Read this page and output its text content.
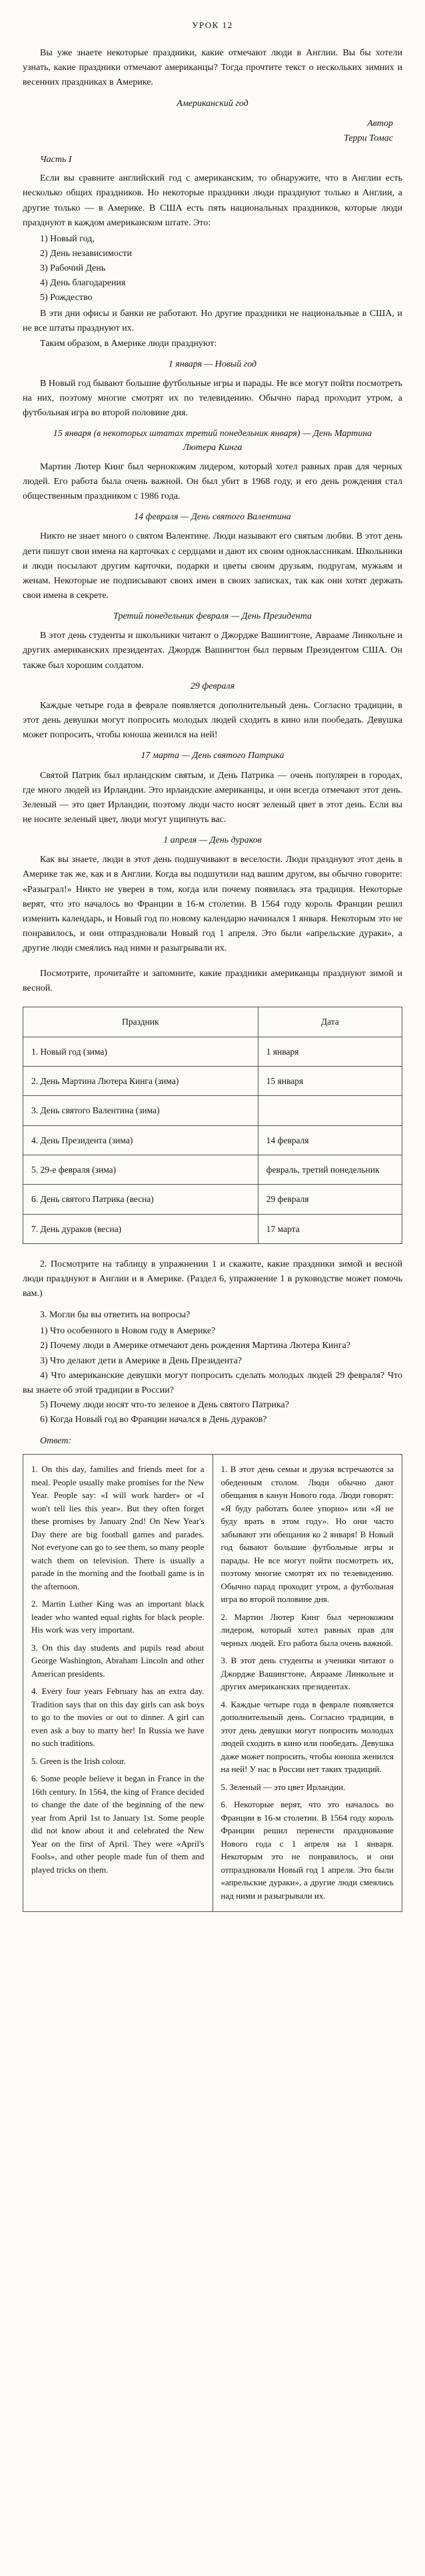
УРОК 12

Вы уже знаете некоторые праздники, какие отмечают люди в Англии. Вы бы хотели узнать, какие праздники отмечают американцы? Тогда прочтите текст о нескольких зимних и весенних праздниках в Америке.

Американский год
Автор
Терри Томас
Часть I

Если вы сравните английский год с американским, то обнаружите, что в Англии есть несколько общих праздников. Но некоторые праздники люди празднуют только в Англии, а другие только — в Америке. В США есть пять национальных праздников, которые люди празднуют в каждом американском штате. Это:

1) Новый год,
2) День независимости
3) Рабочий День
4) День благодарения
5) Рождество

В эти дни офисы и банки не работают. Но другие праздники не национальные в США, и не все штаты празднуют их.

Таким образом, в Америке люди празднуют:

1 января — Новый год

В Новый год бывают большие футбольные игры и парады. Не все могут пойти посмотреть на них, поэтому многие смотрят их по телевидению. Обычно парад проходит утром, а футбольная игра во второй половине дня.

15 января (в некоторых штатах третий понедельник января) — День Мартина Лютера Кинга

Мартин Лютер Кинг был чернокожим лидером, который хотел равных прав для черных людей. Его работа была очень важной. Он был убит в 1968 году, и его день рождения стал общественным праздником с 1986 года.

14 февраля — День святого Валентина

Никто не знает много о святом Валентине. Люди называют его святым любви. В этот день дети пишут свои имена на карточках с сердцами и дают их своим одноклассникам. Школьники и люди посылают другим карточки, подарки и цветы своим друзьям, подругам, мужьям и женам. Некоторые не подписывают своих имен в своих записках, так как они хотят держать свои имена в секрете.

Третий понедельник февраля — День Президента

В этот день студенты и школьники читают о Джордже Вашингтоне, Аврааме Линкольне и других американских президентах. Джордж Вашингтон был первым Президентом США. Он также был хорошим солдатом.

29 февраля

Каждые четыре года в феврале появляется дополнительный день. Согласно традиции, в этот день девушки могут попросить молодых людей сходить в кино или пообедать. Девушка может попросить, чтобы юноша женился на ней!

17 марта — День святого Патрика

Святой Патрик был ирландским святым, и День Патрика — очень популярен в городах, где много людей из Ирландии. Это ирландские американцы, и они всегда отмечают этот день. Зеленый — это цвет Ирландии, поэтому люди часто носят зеленый цвет в этот день. Если вы не носите зеленый цвет, люди могут ущипнуть вас.

1 апреля — День дураков

Как вы знаете, люди в этот день подшучивают в веселости. Люди празднуют этот день в Америке так же, как и в Англии. Когда вы подшутили над вашим другом, вы обычно говорите: «Разыграл!» Никто не уверен в том, когда или почему появилась эта традиция. Некоторые верят, что это началось во Франции в 16-м столетии. В 1564 году король Франции решил изменить календарь, и Новый год по новому календарю начинался 1 января. Некоторым это не понравилось, и они отпраздновали Новый год 1 апреля. Это были «апрельские дураки», а другие люди смеялись над ними и разыгрывали их.

Посмотрите, прочитайте и запомните, какие праздники американцы празднуют зимой и весной.

Праздник	Дата
1. Новый год (зима)	1 января
2. День Мартина Лютера Кинга (зима)	15 января
3. День святого Валентина (зима)	
4. День Президента (зима)	14 февраля
5. 29-е февраля (зима)	февраль, третий понедельник
6. День святого Патрика (весна)	29 февраля
7. День дураков (весна)	17 марта

2. Посмотрите на таблицу в упражнении 1 и скажите, какие праздники зимой и весной люди празднуют в Англии и в Америке. (Раздел 6, упражнение 1 в руководстве может помочь вам.)

3. Могли бы вы ответить на вопросы?

1) Что особенного в Новом году в Америке?

2) Почему люди в Америке отмечают день рождения Мартина Лютера Кинга?

3) Что делают дети в Америке в День Президента?

4) Что американские девушки могут попросить сделать молодых людей 29 февраля? Что вы знаете об этой традиции в России?

5) Почему люди носят что-то зеленое в День святого Патрика?

6) Когда Новый год во Франции начался в День дураков?

Ответ:

1. On this day, families and friends meet for a meal. People usually make promises for the New Year. People say: «I will work harder» or «I won't tell lies this year». But they often forget these promises by January 2nd! On New Year's Day there are big football games and parades. Not everyone can go to see them, so many people watch them on television. There is usually a parade in the morning and the football game is in the afternoon.

2. Martin Luther King was an important black leader who wanted equal rights for black people. His work was very important.

3. On this day students and pupils read about George Washington, Abraham Lincoln and other American presidents.

4. Every four years February has an extra day. Tradition says that on this day girls can ask boys to go to the movies or out to dinner. A girl can even ask a boy to marry her! In Russia we have no such traditions.

5. Green is the Irish colour.

6. Some people believe it began in France in the 16th century. In 1564, the king of France decided to change the date of the beginning of the new year from April 1st to January 1st. Some people did not know about it and celebrated the New Year on the first of April. They were «April's Fools», and other people made fun of them and played tricks on them.

1. В этот день семьи и друзья встречаются за обеденным столом. Люди обычно дают обещания в канун Нового года. Люди говорят: «Я буду работать более упорно» или «Я не буду врать в этом году». Но они часто забывают эти обещания ко 2 января! В Новый год бывают большие футбольные игры и парады. Не все могут пойти посмотреть их, поэтому многие смотрят их по телевидению. Обычно парад проходит утром, а футбольная игра во второй половине дня.

2. Мартин Лютер Кинг был чернокожим лидером, который хотел равных прав для черных людей. Его работа была очень важной.

3. В этот день студенты и ученики читают о Джордже Вашингтоне, Аврааме Линкольне и других американских президентах.

4. Каждые четыре года в феврале появляется дополнительный день. Согласно традиции, в этот день девушки могут попросить молодых людей сходить в кино или пообедать. Девушка даже может попросить, чтобы юноша женился на ней! У нас в России нет таких традиций.

5. Зеленый — это цвет Ирландии.

6. Некоторые верят, что это началось во Франции в 16-м столетии. В 1564 году король Франции решил перенести празднование Нового года с 1 апреля на 1 января. Некоторым это не понравилось, и они отпраздновали Новый год 1 апреля. Это были «апрельские дураки», а другие люди смеялись над ними и разыгрывали их.
